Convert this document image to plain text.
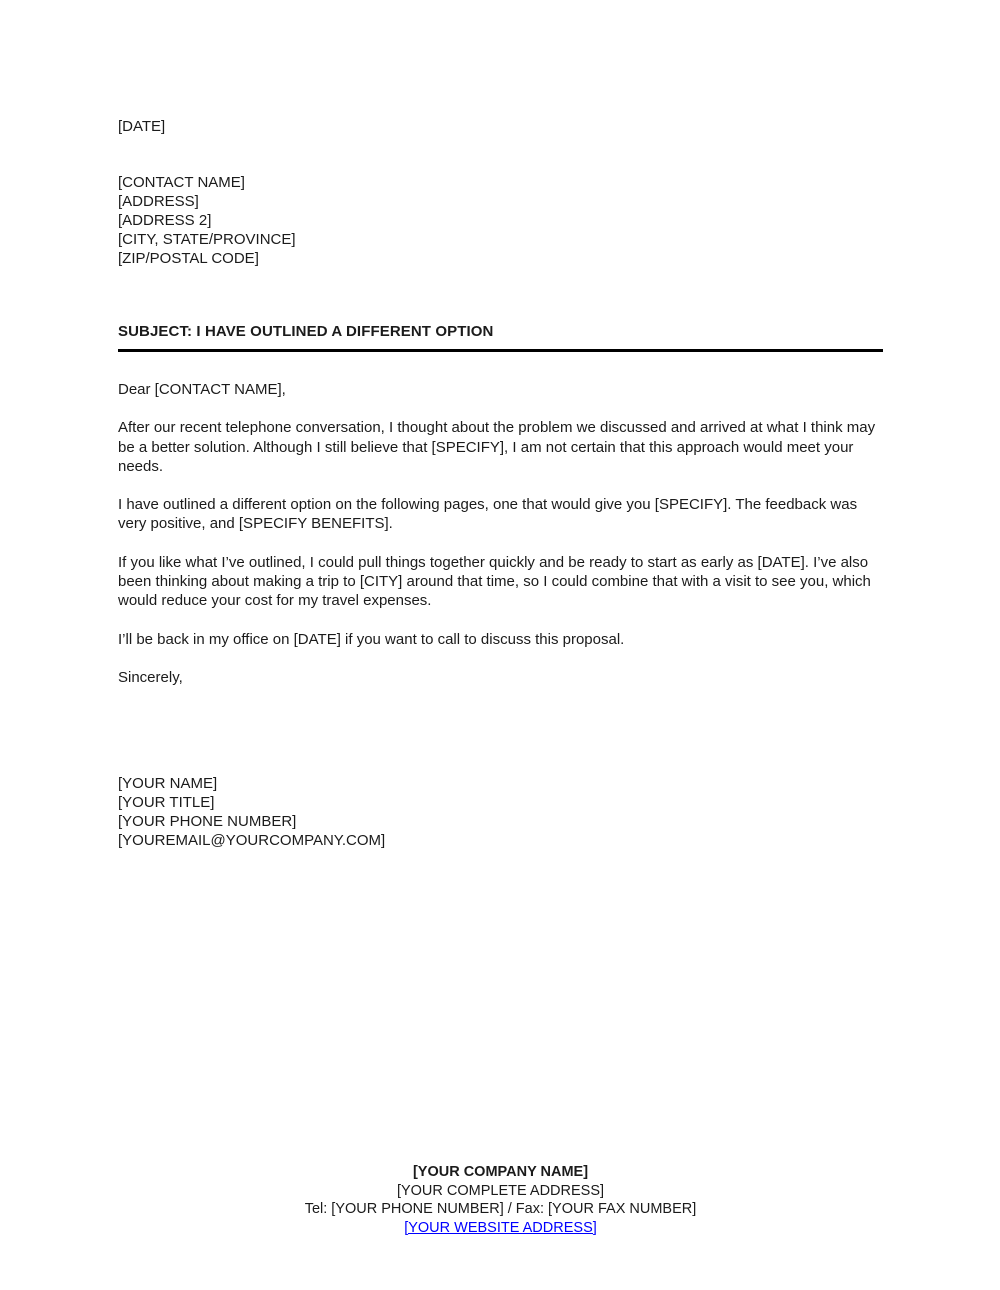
[DATE]
[CONTACT NAME]
[ADDRESS]
[ADDRESS 2]
[CITY, STATE/PROVINCE]
[ZIP/POSTAL CODE]
SUBJECT: I HAVE OUTLINED A DIFFERENT OPTION

Dear [CONTACT NAME],

After our recent telephone conversation, I thought about the problem we discussed and arrived at what I think may be a better solution. Although I still believe that [SPECIFY], I am not certain that this approach would meet your needs.

I have outlined a different option on the following pages, one that would give you [SPECIFY]. The feedback was very positive, and [SPECIFY BENEFITS].

If you like what I’ve outlined, I could pull things together quickly and be ready to start as early as [DATE]. I’ve also been thinking about making a trip to [CITY] around that time, so I could combine that with a visit to see you, which would reduce your cost for my travel expenses.

I’ll be back in my office on [DATE] if you want to call to discuss this proposal.

Sincerely,

[YOUR NAME]
[YOUR TITLE]
[YOUR PHONE NUMBER]
[YOUREMAIL@YOURCOMPANY.COM]
[YOUR COMPANY NAME]
[YOUR COMPLETE ADDRESS]
Tel: [YOUR PHONE NUMBER] / Fax: [YOUR FAX NUMBER]
[YOUR WEBSITE ADDRESS]
